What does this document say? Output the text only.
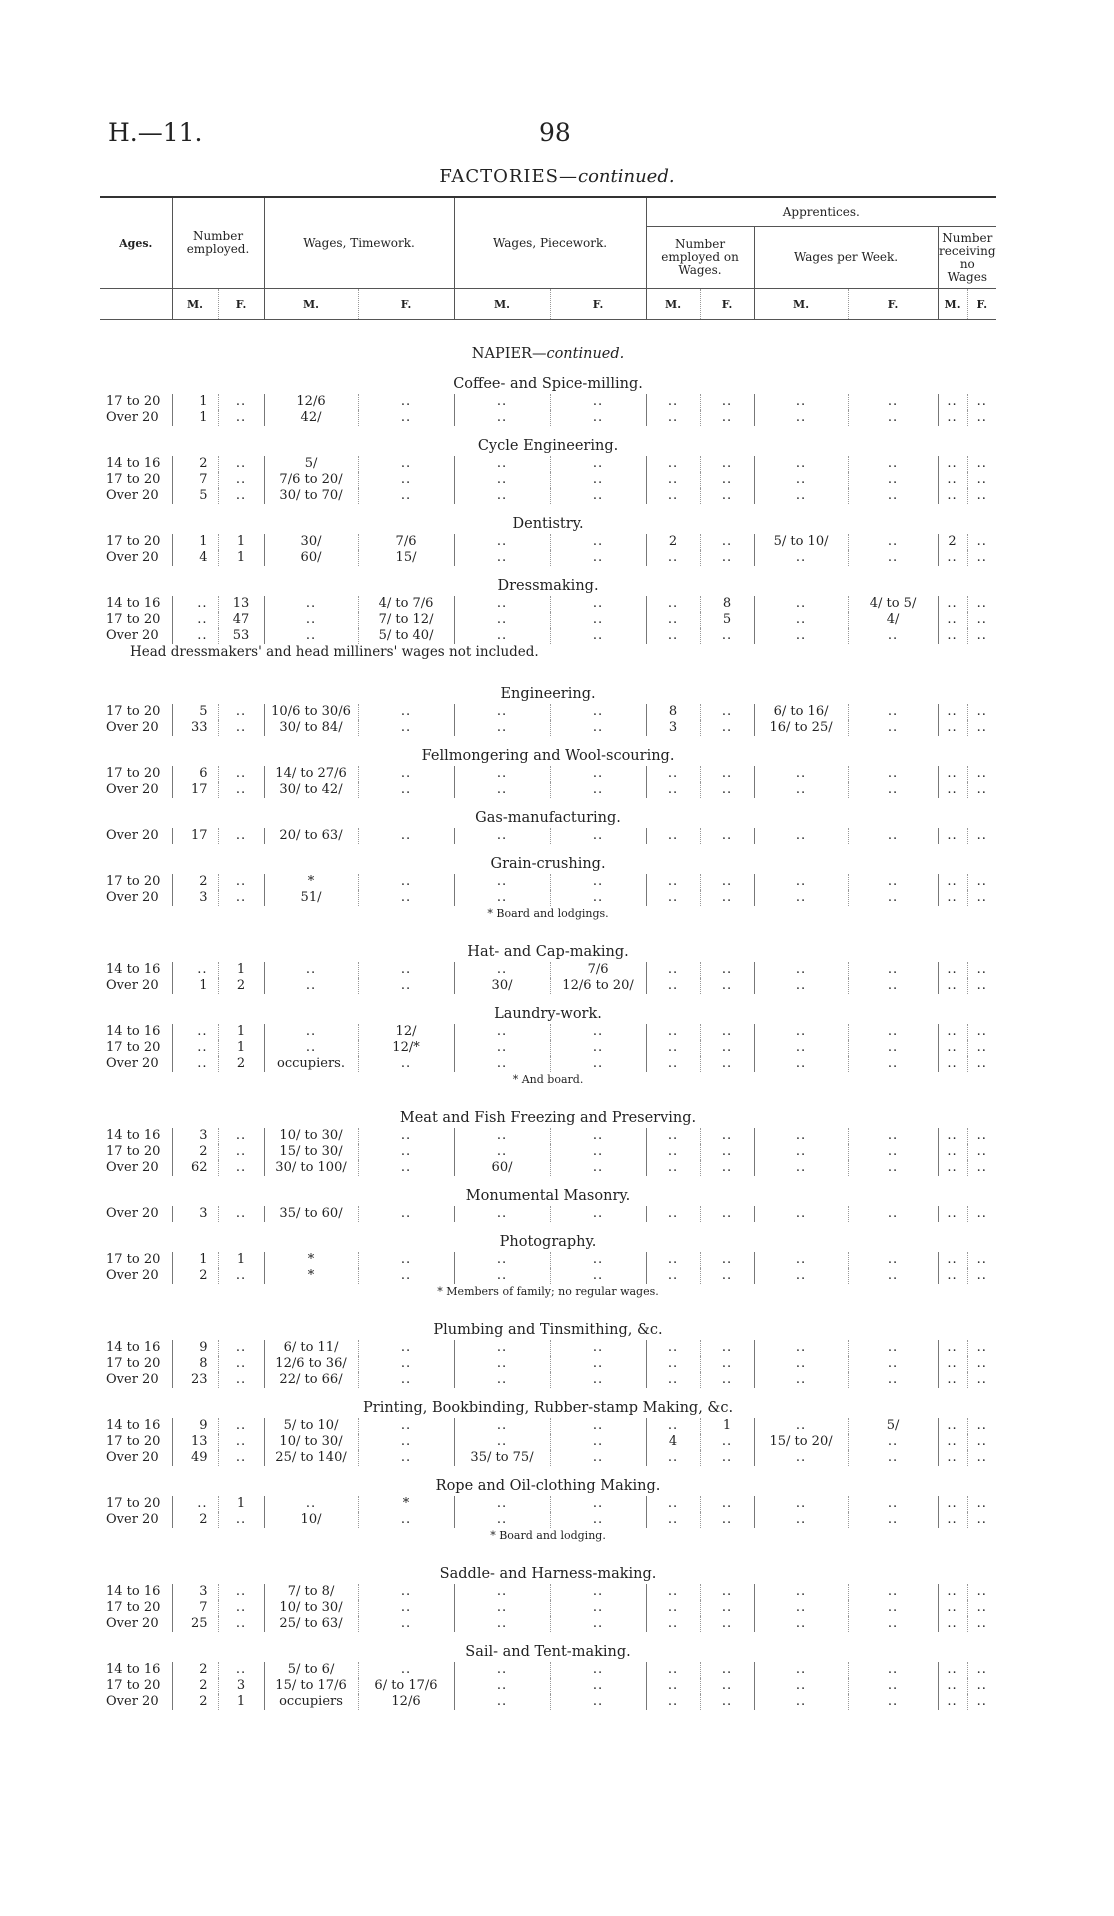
H.—11.	98
FACTORIES—continued.
Ages.	Number employed.		Wages, Timework.		Wages, Piecework.		Apprentices.					
							Number employed on Wages.		Wages per Week.		Number receiving no Wages	
	M.	F.	M.	F.	M.	F.	M.	F.	M.	F.	M.	F.
NAPIER—continued.												
Coffee- and Spice-milling.												
17 to 20	1	..	12/6	..	..	..	..	..	..	..	..	..
Over 20	1	..	42/	..	..	..	..	..	..	..	..	..
Cycle Engineering.												
14 to 16	2	..	5/	..	..	..	..	..	..	..	..	..
17 to 20	7	..	7/6 to 20/	..	..	..	..	..	..	..	..	..
Over 20	5	..	30/ to 70/	..	..	..	..	..	..	..	..	..
Dentistry.												
17 to 20	1	1	30/	7/6	..	..	2	..	5/ to 10/	..	2	..
Over 20	4	1	60/	15/	..	..	..	..	..	..	..	..
Dressmaking.												
14 to 16	..	13	..	4/ to 7/6	..	..	..	8	..	4/ to 5/	..	..
17 to 20	..	47	..	7/ to 12/	..	..	..	5	..	4/	..	..
Over 20	..	53	..	5/ to 40/	..	..	..	..	..	..	..	..
Head dressmakers' and head milliners' wages not included.												
Engineering.												
17 to 20	5	..	10/6 to 30/6	..	..	..	8	..	6/ to 16/	..	..	..
Over 20	33	..	30/ to 84/	..	..	..	3	..	16/ to 25/	..	..	..
Fellmongering and Wool-scouring.												
17 to 20	6	..	14/ to 27/6	..	..	..	..	..	..	..	..	..
Over 20	17	..	30/ to 42/	..	..	..	..	..	..	..	..	..
Gas-manufacturing.												
Over 20	17	..	20/ to 63/	..	..	..	..	..	..	..	..	..
Grain-crushing.												
17 to 20	2	..	*	..	..	..	..	..	..	..	..	..
Over 20	3	..	51/	..	..	..	..	..	..	..	..	..
* Board and lodgings.												
Hat- and Cap-making.												
14 to 16	..	1	..	..	..	7/6	..	..	..	..	..	..
Over 20	1	2	..	..	30/	12/6 to 20/	..	..	..	..	..	..
Laundry-work.												
14 to 16	..	1	..	12/	..	..	..	..	..	..	..	..
17 to 20	..	1	..	12/*	..	..	..	..	..	..	..	..
Over 20	..	2	occupiers.	..	..	..	..	..	..	..	..	..
* And board.												
Meat and Fish Freezing and Preserving.												
14 to 16	3	..	10/ to 30/	..	..	..	..	..	..	..	..	..
17 to 20	2	..	15/ to 30/	..	..	..	..	..	..	..	..	..
Over 20	62	..	30/ to 100/	..	60/	..	..	..	..	..	..	..
Monumental Masonry.												
Over 20	3	..	35/ to 60/	..	..	..	..	..	..	..	..	..
Photography.												
17 to 20	1	1	*	..	..	..	..	..	..	..	..	..
Over 20	2	..	*	..	..	..	..	..	..	..	..	..
* Members of family; no regular wages.												
Plumbing and Tinsmithing, &c.												
14 to 16	9	..	6/ to 11/	..	..	..	..	..	..	..	..	..
17 to 20	8	..	12/6 to 36/	..	..	..	..	..	..	..	..	..
Over 20	23	..	22/ to 66/	..	..	..	..	..	..	..	..	..
Printing, Bookbinding, Rubber-stamp Making, &c.												
14 to 16	9	..	5/ to 10/	..	..	..	..	1	..	5/	..	..
17 to 20	13	..	10/ to 30/	..	..	..	4	..	15/ to 20/	..	..	..
Over 20	49	..	25/ to 140/	..	35/ to 75/	..	..	..	..	..	..	..
Rope and Oil-clothing Making.												
17 to 20	..	1	..	*	..	..	..	..	..	..	..	..
Over 20	2	..	10/	..	..	..	..	..	..	..	..	..
* Board and lodging.												
Saddle- and Harness-making.												
14 to 16	3	..	7/ to 8/	..	..	..	..	..	..	..	..	..
17 to 20	7	..	10/ to 30/	..	..	..	..	..	..	..	..	..
Over 20	25	..	25/ to 63/	..	..	..	..	..	..	..	..	..
Sail- and Tent-making.												
14 to 16	2	..	5/ to 6/	..	..	..	..	..	..	..	..	..
17 to 20	2	3	15/ to 17/6	6/ to 17/6	..	..	..	..	..	..	..	..
Over 20	2	1	occupiers	12/6	..	..	..	..	..	..	..	..
